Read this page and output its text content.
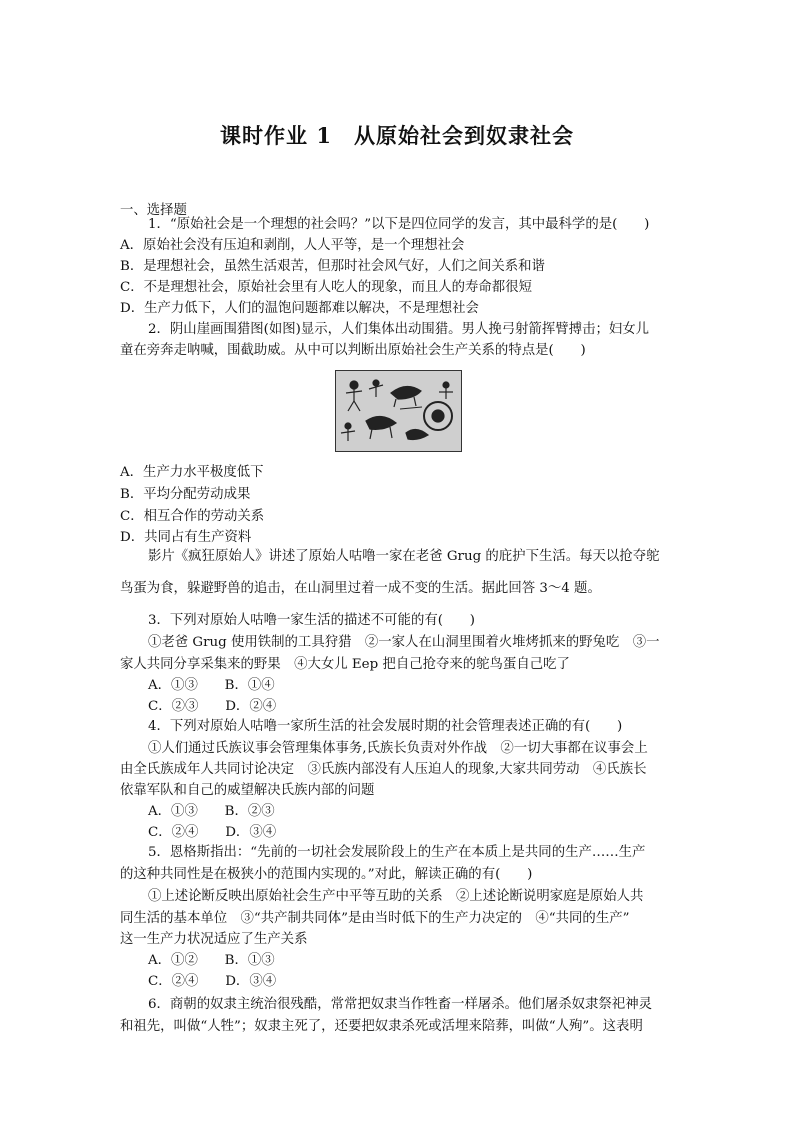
课时作业 1　从原始社会到奴隶社会
一、选择题
1．“原始社会是一个理想的社会吗？”以下是四位同学的发言，其中最科学的是(　　)
A．原始社会没有压迫和剥削，人人平等，是一个理想社会
B．是理想社会，虽然生活艰苦，但那时社会风气好，人们之间关系和谐
C．不是理想社会，原始社会里有人吃人的现象，而且人的寿命都很短
D．生产力低下，人们的温饱问题都难以解决，不是理想社会
2．阴山崖画围猎图(如图)显示，人们集体出动围猎。男人挽弓射箭挥臂搏击；妇女儿
童在旁奔走呐喊，围截助威。从中可以判断出原始社会生产关系的特点是(　　)
A．生产力水平极度低下
B．平均分配劳动成果
C．相互合作的劳动关系
D．共同占有生产资料
影片《疯狂原始人》讲述了原始人咕噜一家在老爸 Grug 的庇护下生活。每天以抢夺鸵
鸟蛋为食，躲避野兽的追击，在山洞里过着一成不变的生活。据此回答 3～4 题。
3．下列对原始人咕噜一家生活的描述不可能的有(　　)
①老爸 Grug 使用铁制的工具狩猎　②一家人在山洞里围着火堆烤抓来的野兔吃　③一
家人共同分享采集来的野果　④大女儿 Eep 把自己抢夺来的鸵鸟蛋自己吃了
A．①③　　B．①④
C．②③　　D．②④
4．下列对原始人咕噜一家所生活的社会发展时期的社会管理表述正确的有(　　)
①人们通过氏族议事会管理集体事务,氏族长负责对外作战　②一切大事都在议事会上
由全氏族成年人共同讨论决定　③氏族内部没有人压迫人的现象,大家共同劳动　④氏族长
依靠军队和自己的威望解决氏族内部的问题
A．①③　　B．②③
C．②④　　D．③④
5．恩格斯指出：“先前的一切社会发展阶段上的生产在本质上是共同的生产……生产
的这种共同性是在极狭小的范围内实现的。”对此，解读正确的有(　　)
①上述论断反映出原始社会生产中平等互助的关系　②上述论断说明家庭是原始人共
同生活的基本单位　③“共产制共同体”是由当时低下的生产力决定的　④“共同的生产”
这一生产力状况适应了生产关系
A．①②　　B．①③
C．②④　　D．③④
6．商朝的奴隶主统治很残酷，常常把奴隶当作牲畜一样屠杀。他们屠杀奴隶祭祀神灵
和祖先，叫做“人牲”；奴隶主死了，还要把奴隶杀死或活埋来陪葬，叫做“人殉”。这表明
